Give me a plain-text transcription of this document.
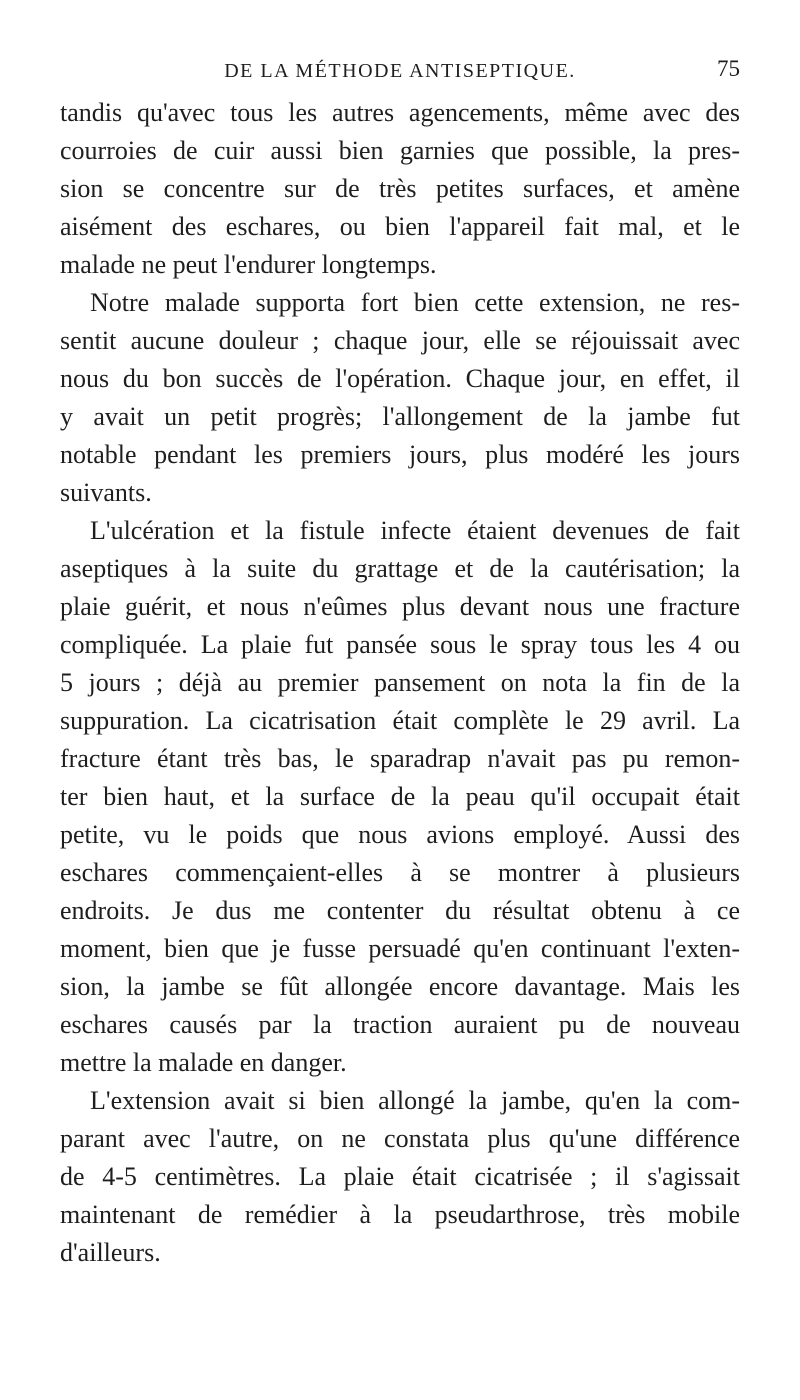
DE LA MÉTHODE ANTISEPTIQUE.	75

tandis qu'avec tous les autres agencements, même avec des
courroies de cuir aussi bien garnies que possible, la pres-
sion se concentre sur de très petites surfaces, et amène
aisément des eschares, ou bien l'appareil fait mal, et le
malade ne peut l'endurer longtemps.

Notre malade supporta fort bien cette extension, ne res-
sentit aucune douleur ; chaque jour, elle se réjouissait avec
nous du bon succès de l'opération. Chaque jour, en effet, il
y avait un petit progrès; l'allongement de la jambe fut
notable pendant les premiers jours, plus modéré les jours
suivants.

L'ulcération et la fistule infecte étaient devenues de fait
aseptiques à la suite du grattage et de la cautérisation; la
plaie guérit, et nous n'eûmes plus devant nous une fracture
compliquée. La plaie fut pansée sous le spray tous les 4 ou
5 jours ; déjà au premier pansement on nota la fin de la
suppuration. La cicatrisation était complète le 29 avril. La
fracture étant très bas, le sparadrap n'avait pas pu remon-
ter bien haut, et la surface de la peau qu'il occupait était
petite, vu le poids que nous avions employé. Aussi des
eschares commençaient-elles à se montrer à plusieurs
endroits. Je dus me contenter du résultat obtenu à ce
moment, bien que je fusse persuadé qu'en continuant l'exten-
sion, la jambe se fût allongée encore davantage. Mais les
eschares causés par la traction auraient pu de nouveau
mettre la malade en danger.

L'extension avait si bien allongé la jambe, qu'en la com-
parant avec l'autre, on ne constata plus qu'une différence
de 4-5 centimètres. La plaie était cicatrisée ; il s'agissait
maintenant de remédier à la pseudarthrose, très mobile
d'ailleurs.
